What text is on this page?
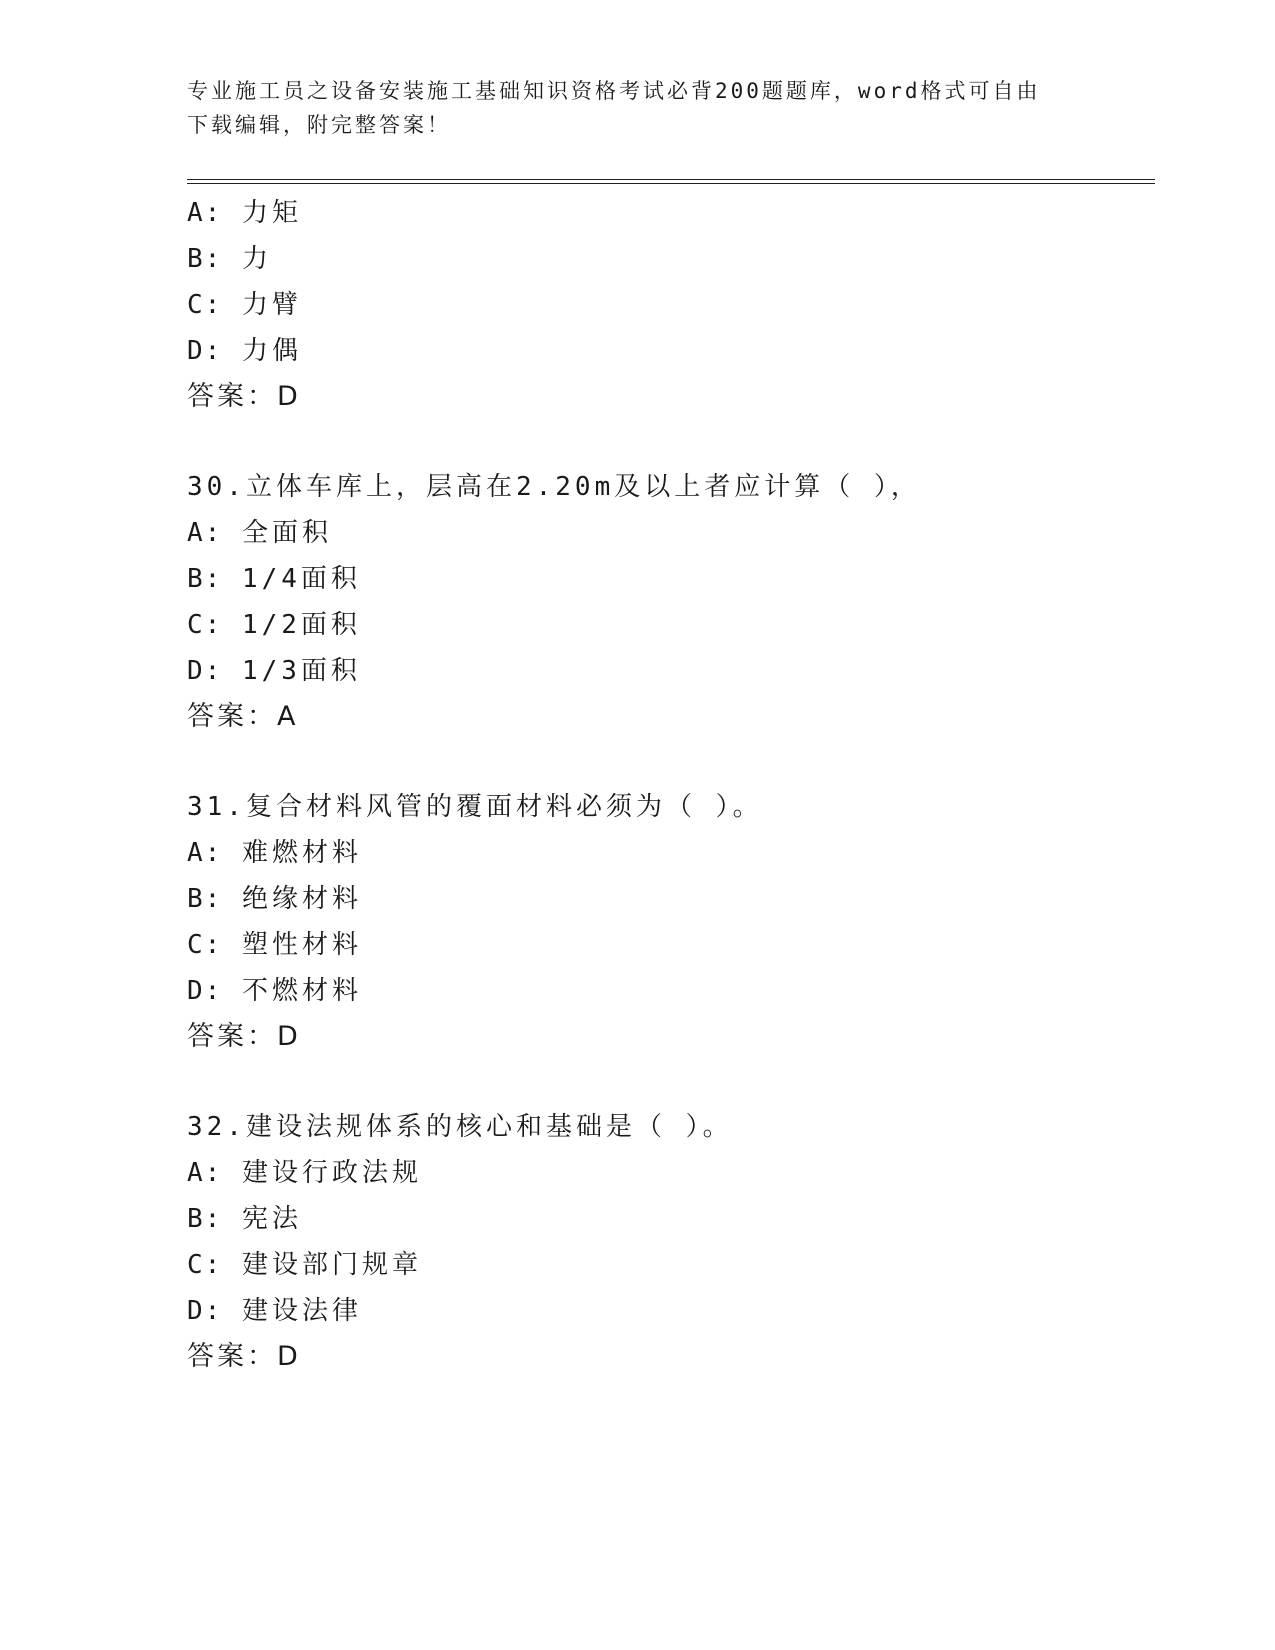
专业施工员之设备安装施工基础知识资格考试必背200题题库，word格式可自由
下载编辑，附完整答案！
A: 力矩
B: 力
C: 力臂
D: 力偶
答案：D
30.立体车库上，层高在2.20m及以上者应计算（ ），
A: 全面积
B: 1/4面积
C: 1/2面积
D: 1/3面积
答案：A
31.复合材料风管的覆面材料必须为（ ）。
A: 难燃材料
B: 绝缘材料
C: 塑性材料
D: 不燃材料
答案：D
32.建设法规体系的核心和基础是（ ）。
A: 建设行政法规
B: 宪法
C: 建设部门规章
D: 建设法律
答案：D
